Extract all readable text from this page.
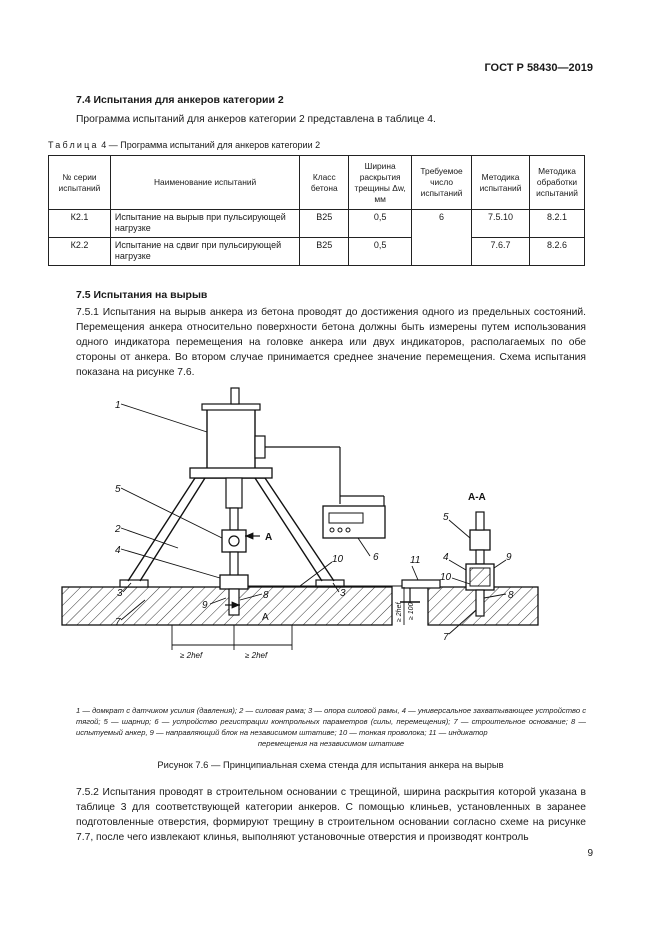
ГОСТ Р 58430—2019
7.4 Испытания для анкеров категории 2
Программа испытаний для анкеров категории 2 представлена в таблице 4.
Таблица 4 — Программа испытаний для анкеров категории 2
№ серии испытаний	Наименование испытаний	Класс бетона	Ширина раскрытия трещины Δw, мм	Требуемое число испытаний	Методика испытаний	Методика обработки испытаний
К2.1	Испытание на вырыв при пульсирующей нагрузке	В25	0,5	6	7.5.10	8.2.1
К2.2	Испытание на сдвиг при пульсирующей нагрузке	В25	0,5		7.6.7	8.2.6
7.5 Испытания на вырыв
7.5.1 Испытания на вырыв анкера из бетона проводят до достижения одного из предельных состояний. Перемещения анкера относительно поверхности бетона должны быть измерены путем использования одного индикатора перемещения на головке анкера или двух индикаторов, располагаемых по обе стороны от анкера. Во втором случае принимается среднее значение перемещения. Схема испытания показана на рисунке 7.6.
1
2
3	3
4
5
6
7
8
9
10	11
А
А
≥ 2hef	≥ 2hef
≥ 2hef ≥ 100
А-А
5
4	9
10
8
7
1 — домкрат с датчиком усилия (давления); 2 — силовая рама; 3 — опора силовой рамы, 4 — универсальное захватывающее устройство с тягой; 5 — шарнир; 6 — устройство регистрации контрольных параметров (силы, перемещения); 7 — строительное основание; 8 — испытуемый анкер, 9 — направляющий блок на независимом штативе; 10 — тонкая проволока; 11 — индикатор
перемещения на независимом штативе
Рисунок 7.6 — Принципиальная схема стенда для испытания анкера на вырыв
7.5.2 Испытания проводят в строительном основании с трещиной, ширина раскрытия которой указана в таблице 3 для соответствующей категории анкеров. С помощью клиньев, установленных в заранее подготовленные отверстия, формируют трещину в строительном основании согласно схеме на рисунке 7.7, после чего извлекают клинья, выполняют установочные отверстия и производят контроль
9
